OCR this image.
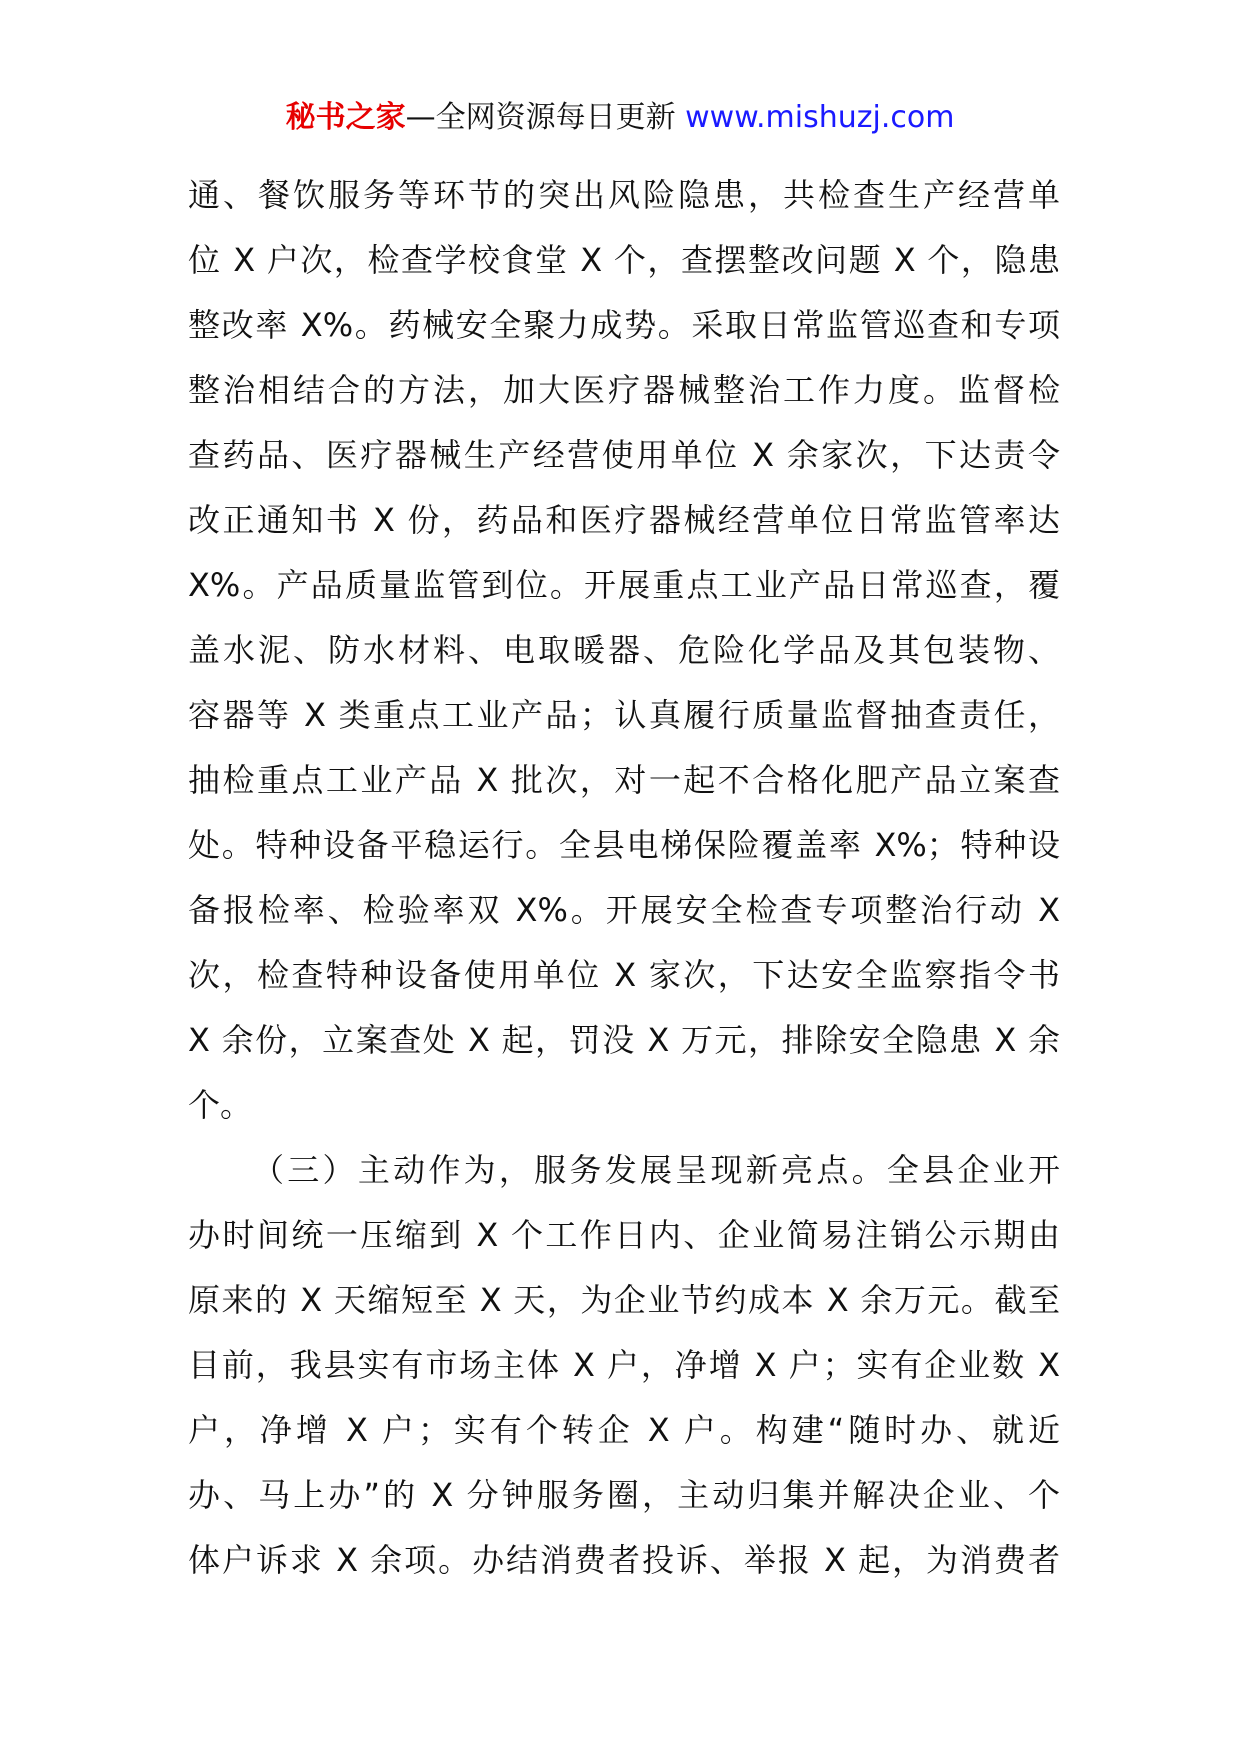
秘书之家—全网资源每日更新 www.mishuzj.com
通、餐饮服务等环节的突出风险隐患，共检查生产经营单
位 X 户次，检查学校食堂 X 个，查摆整改问题 X 个，隐患
整改率 X%。药械安全聚力成势。采取日常监管巡查和专项
整治相结合的方法，加大医疗器械整治工作力度。监督检
查药品、医疗器械生产经营使用单位 X 余家次，下达责令
改正通知书 X 份，药品和医疗器械经营单位日常监管率达
X%。产品质量监管到位。开展重点工业产品日常巡查，覆
盖水泥、防水材料、电取暖器、危险化学品及其包装物、
容器等 X 类重点工业产品；认真履行质量监督抽查责任，
抽检重点工业产品 X 批次，对一起不合格化肥产品立案查
处。特种设备平稳运行。全县电梯保险覆盖率 X%；特种设
备报检率、检验率双 X%。开展安全检查专项整治行动 X
次，检查特种设备使用单位 X 家次，下达安全监察指令书
X 余份，立案查处 X 起，罚没 X 万元，排除安全隐患 X 余
个。
（三）主动作为，服务发展呈现新亮点。全县企业开
办时间统一压缩到 X 个工作日内、企业简易注销公示期由
原来的 X 天缩短至 X 天，为企业节约成本 X 余万元。截至
目前，我县实有市场主体 X 户，净增 X 户；实有企业数 X
户，净增 X 户；实有个转企 X 户。构建“随时办、就近
办、马上办”的 X 分钟服务圈，主动归集并解决企业、个
体户诉求 X 余项。办结消费者投诉、举报 X 起，为消费者
